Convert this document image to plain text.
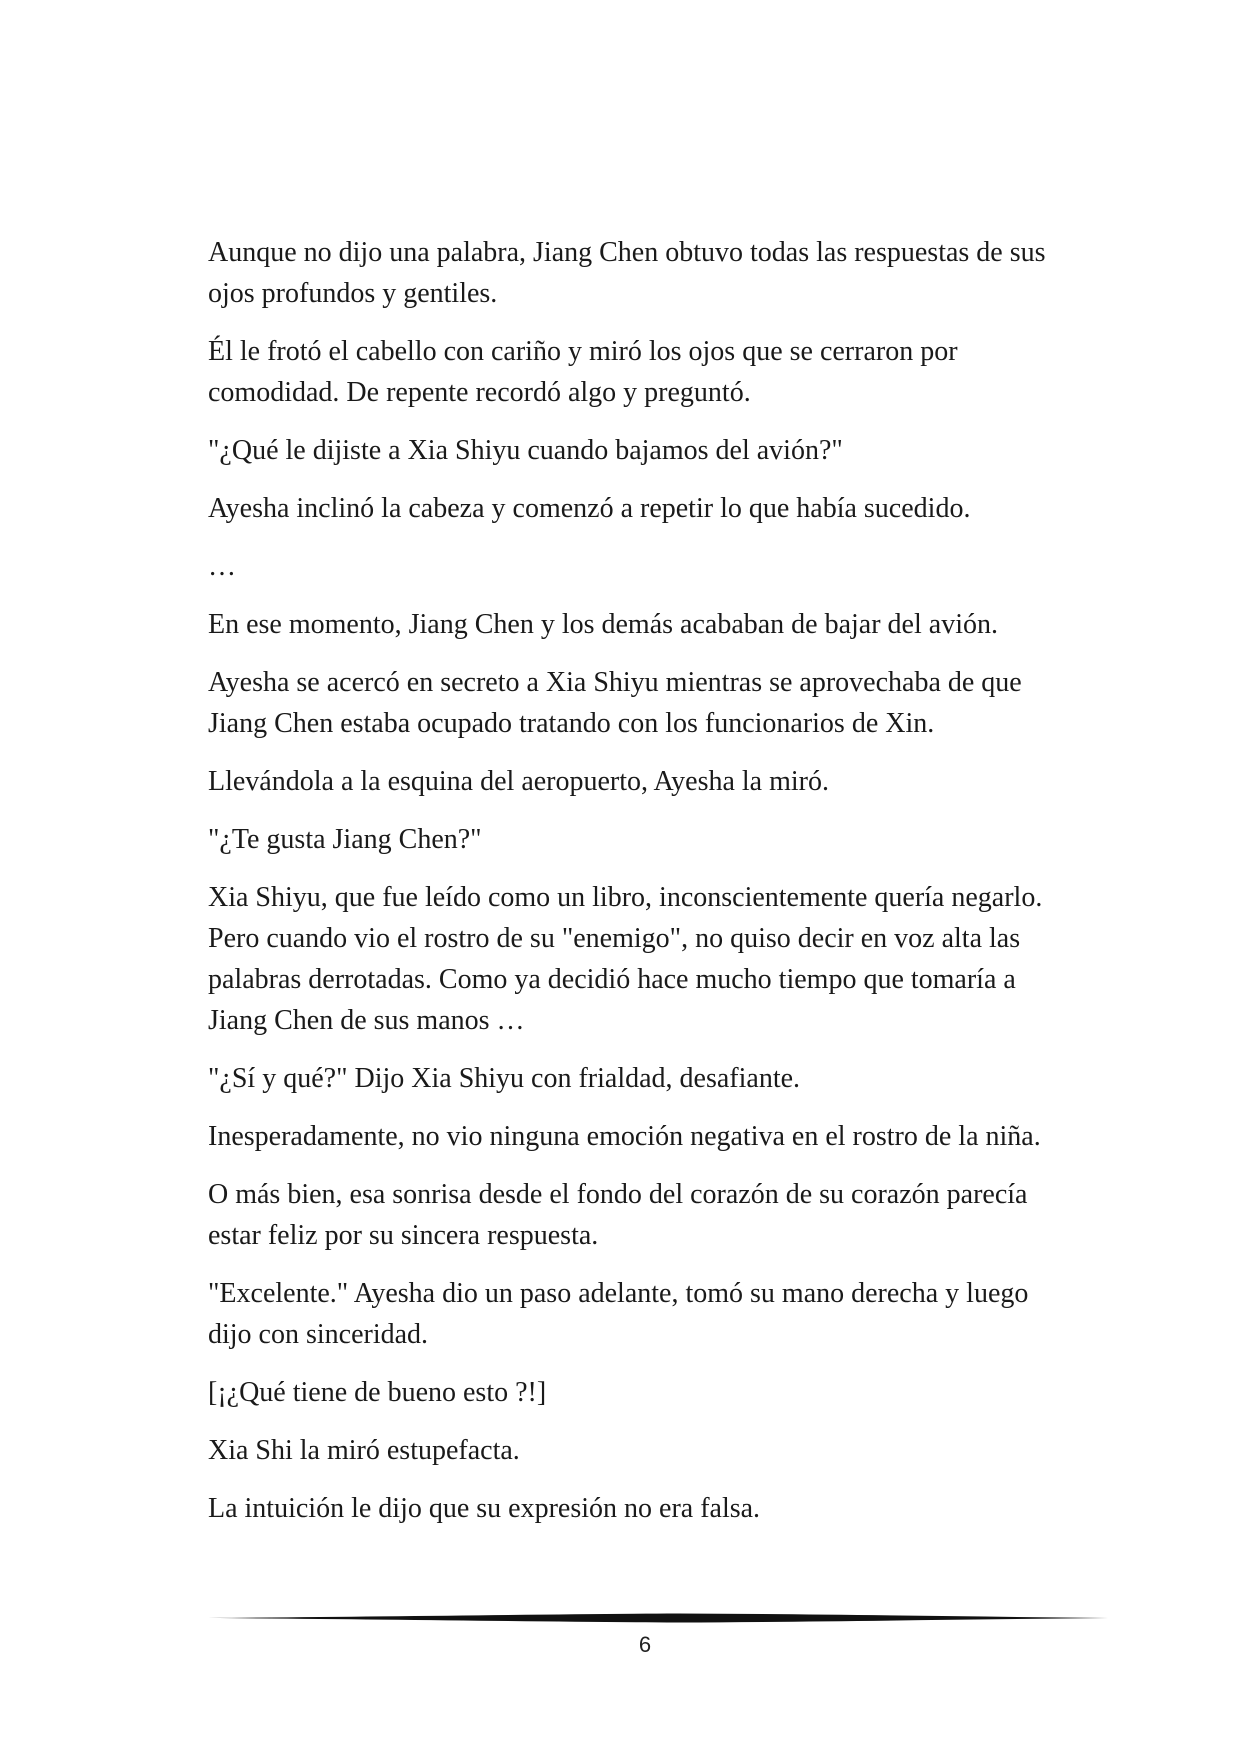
Aunque no dijo una palabra, Jiang Chen obtuvo todas las respuestas de sus ojos profundos y gentiles.

Él le frotó el cabello con cariño y miró los ojos que se cerraron por comodidad. De repente recordó algo y preguntó.

"¿Qué le dijiste a Xia Shiyu cuando bajamos del avión?"

Ayesha inclinó la cabeza y comenzó a repetir lo que había sucedido.

…

En ese momento, Jiang Chen y los demás acababan de bajar del avión.

Ayesha se acercó en secreto a Xia Shiyu mientras se aprovechaba de que Jiang Chen estaba ocupado tratando con los funcionarios de Xin.

Llevándola a la esquina del aeropuerto, Ayesha la miró.

"¿Te gusta Jiang Chen?"

Xia Shiyu, que fue leído como un libro, inconscientemente quería negarlo. Pero cuando vio el rostro de su "enemigo", no quiso decir en voz alta las palabras derrotadas. Como ya decidió hace mucho tiempo que tomaría a Jiang Chen de sus manos …

"¿Sí y qué?" Dijo Xia Shiyu con frialdad, desafiante.

Inesperadamente, no vio ninguna emoción negativa en el rostro de la niña.

O más bien, esa sonrisa desde el fondo del corazón de su corazón parecía estar feliz por su sincera respuesta.

"Excelente." Ayesha dio un paso adelante, tomó su mano derecha y luego dijo con sinceridad.

[¡¿Qué tiene de bueno esto ?!]

Xia Shi la miró estupefacta.

La intuición le dijo que su expresión no era falsa.

6
